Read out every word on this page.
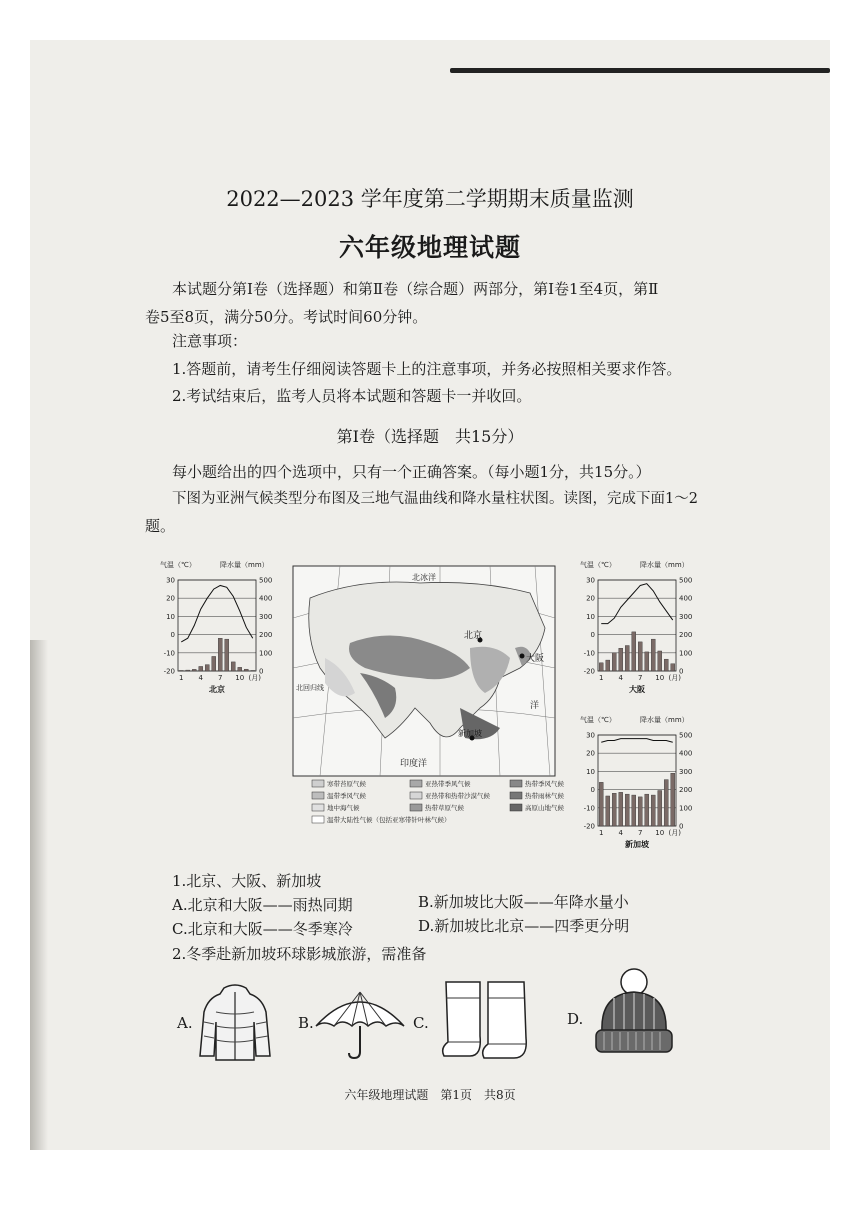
2022—2023 学年度第二学期期末质量监测
六年级地理试题
本试题分第Ⅰ卷（选择题）和第Ⅱ卷（综合题）两部分，第Ⅰ卷1至4页，第Ⅱ
卷5至8页，满分50分。考试时间60分钟。
注意事项：
1.答题前，请考生仔细阅读答题卡上的注意事项，并务必按照相关要求作答。
2.考试结束后，监考人员将本试题和答题卡一并收回。
第Ⅰ卷（选择题　共15分）
每小题给出的四个选项中，只有一个正确答案。（每小题1分，共15分。）
下图为亚洲气候类型分布图及三地气温曲线和降水量柱状图。读图，完成下面1～2
题。
北冰洋
北京
大阪
新加坡
北回归线
印度洋
洋
寒带苔原气候
温带季风气候
地中海气候
温带大陆性气候（包括亚寒带针叶林气候）
亚热带季风气候
亚热带和热带沙漠气候
热带草原气候
热带季风气候
热带雨林气候
高原山地气候
气温（℃）	降水量（mm）
30
20
10
0
-10
-20
500
400
300
200
100
0
1 4 7 10 (月)
北京
气温（℃）	降水量（mm）
30
20
10
0
-10
-20
500
400
300
200
100
0
1 4 7 10 (月)
大阪
气温（℃）	降水量（mm）
30
20
10
0
-10
-20
500
400
300
200
100
0
1 4 7 10 (月)
新加坡
1.北京、大阪、新加坡
A.北京和大阪——雨热同期	B.新加坡比大阪——年降水量小
C.北京和大阪——冬季寒冷	D.新加坡比北京——四季更分明
2.冬季赴新加坡环球影城旅游，需准备
A.	B.	C.	D.
六年级地理试题　第1页　共8页
